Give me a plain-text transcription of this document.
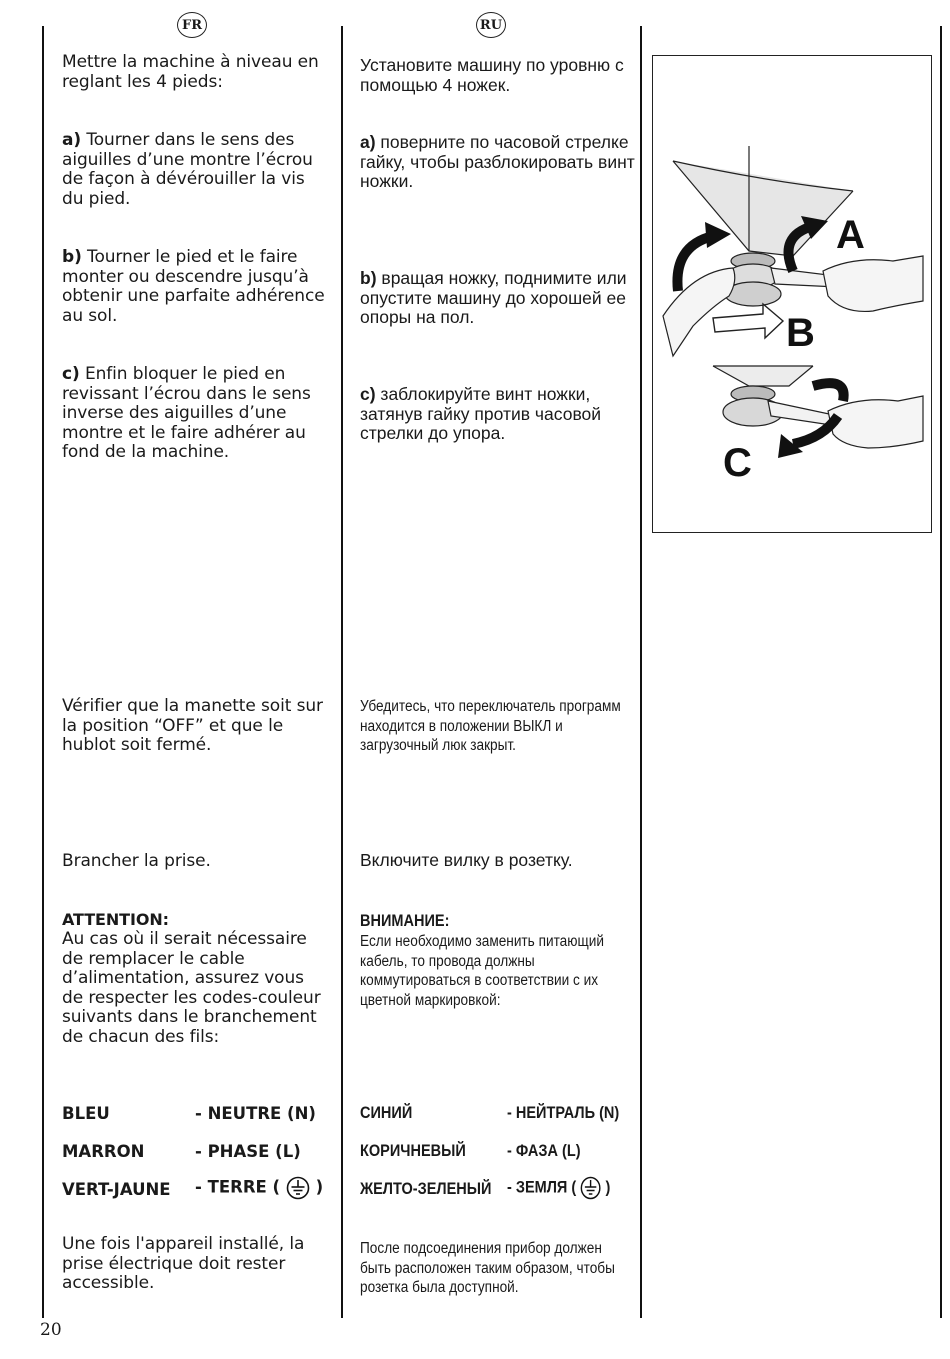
FR	RU
Mettre la machine à niveau en reglant les 4 pieds:
a) Tourner dans le sens des aiguilles d’une montre l’écrou de façon à dévérouiller la vis du pied.
b) Tourner le pied et le faire monter ou descendre jusqu’à obtenir une parfaite adhérence au sol.
c) Enfin bloquer le pied en revissant l’écrou dans le sens inverse des aiguilles d’une montre et le faire adhérer au fond de la machine.
Vérifier que la manette soit sur la position “OFF” et que le hublot soit fermé.
Brancher la prise.
ATTENTION:
Au cas où il serait nécessaire de remplacer le cable d’alimentation, assurez vous de respecter les codes-couleur suivants dans le branchement de chacun des fils:
BLEU	- NEUTRE (N)
MARRON	- PHASE (L)
VERT-JAUNE - TERRE ( )
Une fois l'appareil installé, la prise électrique doit rester accessible.
Установите машину по уровню с помощью 4 ножек.
a) поверните по часовой стрелке гайку, чтобы разблокировать винт ножки.
b) вращая ножку, поднимите или опустите машину до хорошей ее опоры на пол.
c) заблокируйте винт ножки, затянув гайку против часовой стрелки до упора.
Убедитесь, что переключатель программ находится в положении ВЫКЛ и загрузочный люк закрыт.
Включите вилку в розетку.
ВНИМАНИЕ:
Если необходимо заменить питающий кабель, то провода должны коммутироваться в соответствии с их цветной маркировкой:
СИНИЙ	- НЕЙТРАЛЬ (N)
КОРИЧНЕВЫЙ - ФАЗА (L)
ЖЕЛТО-ЗЕЛЕНЫЙ - ЗЕМЛЯ ( )
После подсоединения прибор должен быть расположен таким образом, чтобы розетка была доступной.
A
B
C
20
